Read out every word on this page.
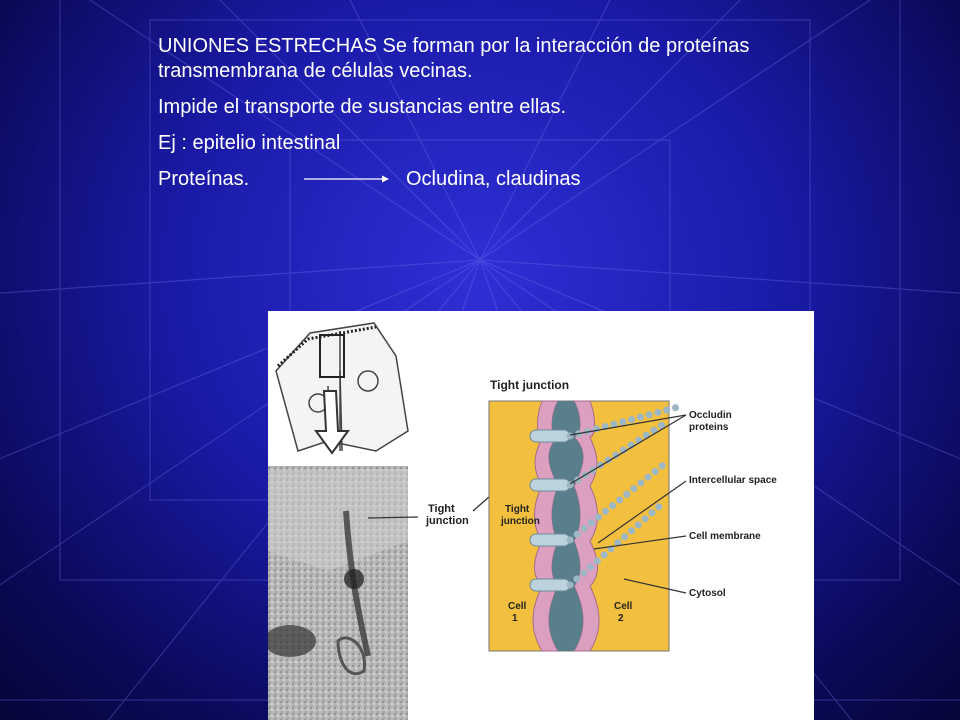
UNIONES ESTRECHAS Se forman por la interacción de proteínas transmembrana de células vecinas.

Impide el transporte de sustancias entre ellas.

Ej : epitelio intestinal

Proteínas.	Ocludina, claudinas

Tight
junction
Tight junction
Tight
junction
Cell
1
Cell
2
Occludin
proteins
Intercellular space
Cell membrane
Cytosol
